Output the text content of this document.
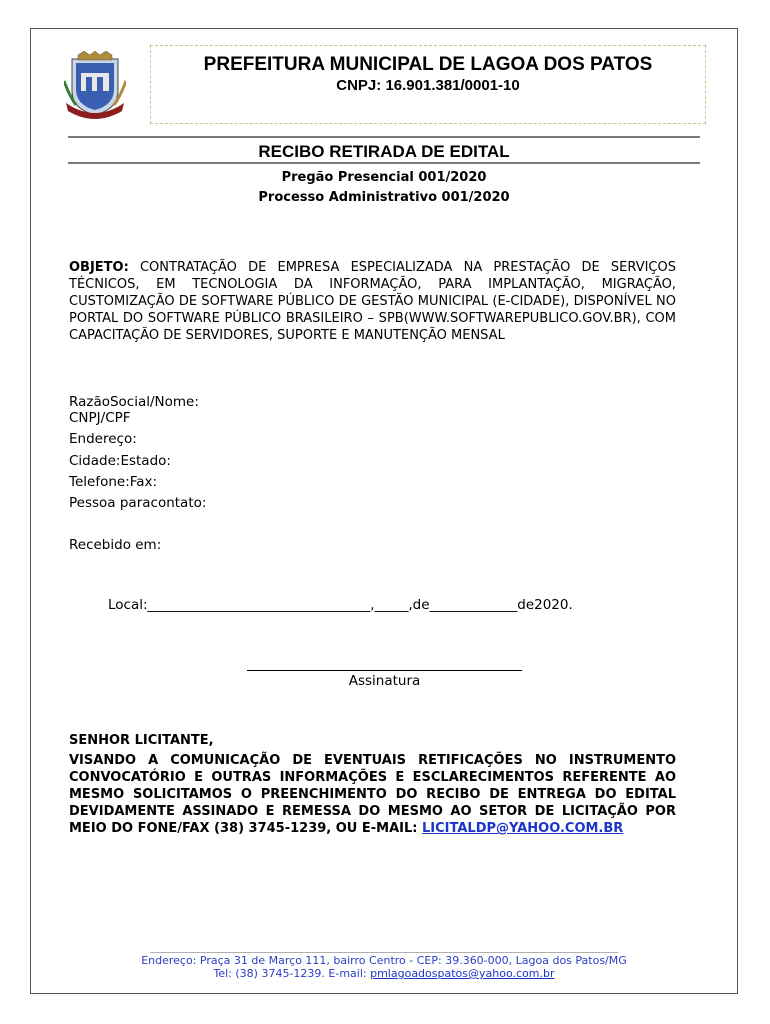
PREFEITURA MUNICIPAL DE LAGOA DOS PATOS
CNPJ: 16.901.381/0001-10
RECIBO RETIRADA DE EDITAL
Pregão Presencial 001/2020
Processo Administrativo 001/2020
OBJETO: CONTRATAÇÃO DE EMPRESA ESPECIALIZADA NA PRESTAÇÃO DE SERVIÇOS TÉCNICOS, EM TECNOLOGIA DA INFORMAÇÃO, PARA IMPLANTAÇÃO, MIGRAÇÃO, CUSTOMIZAÇÃO DE SOFTWARE PÚBLICO DE GESTÃO MUNICIPAL (E-CIDADE), DISPONÍVEL NO PORTAL DO SOFTWARE PÚBLICO BRASILEIRO – SPB(WWW.SOFTWAREPUBLICO.GOV.BR), COM CAPACITAÇÃO DE SERVIDORES, SUPORTE E MANUTENÇÃO MENSAL
RazãoSocial/Nome:
CNPJ/CPF
Endereço:
Cidade:Estado:
Telefone:Fax:
Pessoa paracontato:
Recebido em:
Local:_________________________________,_____,de_____________de2020.
Assinatura
SENHOR LICITANTE,
VISANDO A COMUNICAÇÃO DE EVENTUAIS RETIFICAÇÕES NO INSTRUMENTO CONVOCATÓRIO E OUTRAS INFORMAÇÕES E ESCLARECIMENTOS REFERENTE AO MESMO SOLICITAMOS O PREENCHIMENTO DO RECIBO DE ENTREGA DO EDITAL DEVIDAMENTE ASSINADO E REMESSA DO MESMO AO SETOR DE LICITAÇÃO POR MEIO DO FONE/FAX (38) 3745-1239, OU E-MAIL: LICITALDP@YAHOO.COM.BR
Endereço: Praça 31 de Março 111, bairro Centro - CEP: 39.360-000, Lagoa dos Patos/MG
Tel: (38) 3745-1239. E-mail: pmlagoadospatos@yahoo.com.br
